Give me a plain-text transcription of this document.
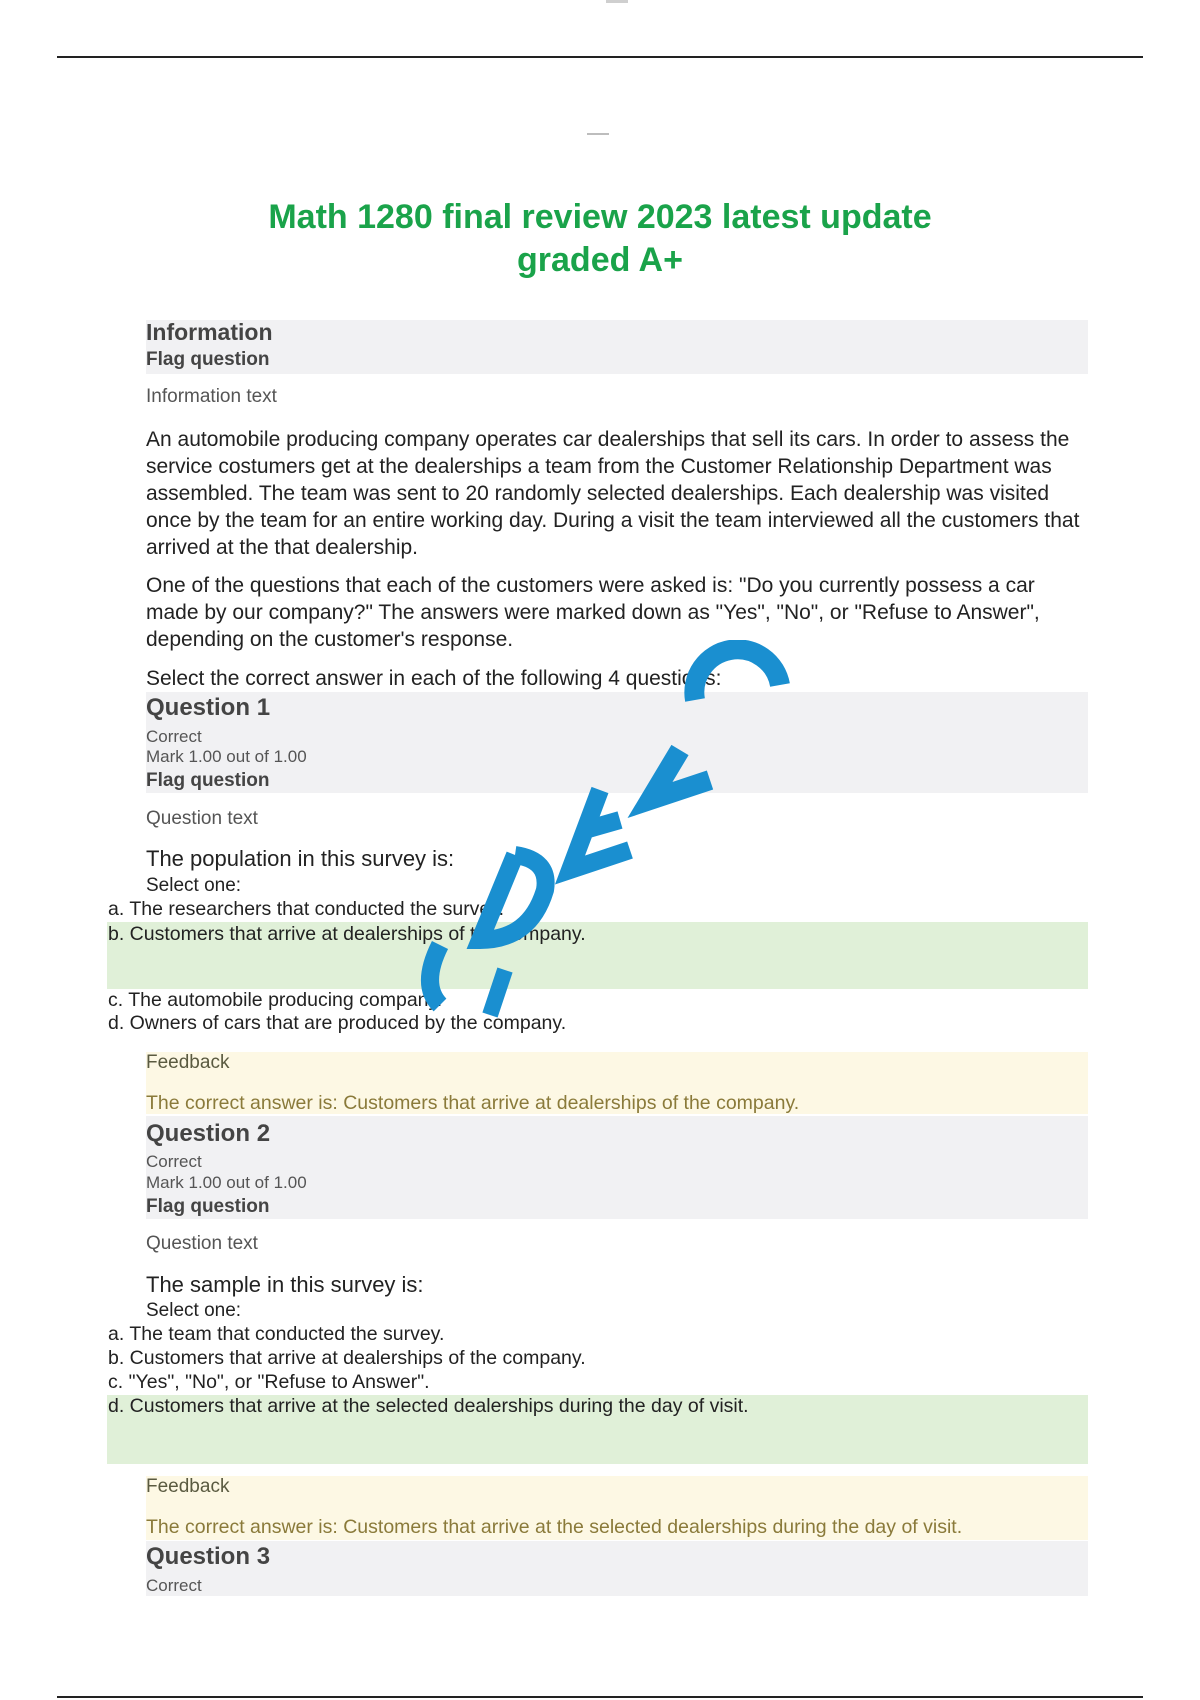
Math 1280 final review 2023 latest update
graded A+
Information
Flag question
Information text
An automobile producing company operates car dealerships that sell its cars. In order to assess the service costumers get at the dealerships a team from the Customer Relationship Department was assembled. The team was sent to 20 randomly selected dealerships. Each dealership was visited once by the team for an entire working day. During a visit the team interviewed all the customers that arrived at the that dealership.
One of the questions that each of the customers were asked is: "Do you currently possess a car made by our company?" The answers were marked down as "Yes", "No", or "Refuse to Answer", depending on the customer's response.
Select the correct answer in each of the following 4 questions:
Question 1
Correct
Mark 1.00 out of 1.00
Flag question
Question text
The population in this survey is:
Select one:
a. The researchers that conducted the survey.
b. Customers that arrive at dealerships of the company.
c. The automobile producing company.
d. Owners of cars that are produced by the company.
Feedback
The correct answer is: Customers that arrive at dealerships of the company.
Question 2
Correct
Mark 1.00 out of 1.00
Flag question
Question text
The sample in this survey is:
Select one:
a. The team that conducted the survey.
b. Customers that arrive at dealerships of the company.
c. "Yes", "No", or "Refuse to Answer".
d. Customers that arrive at the selected dealerships during the day of visit.
Feedback
The correct answer is: Customers that arrive at the selected dealerships during the day of visit.
Question 3
Correct
